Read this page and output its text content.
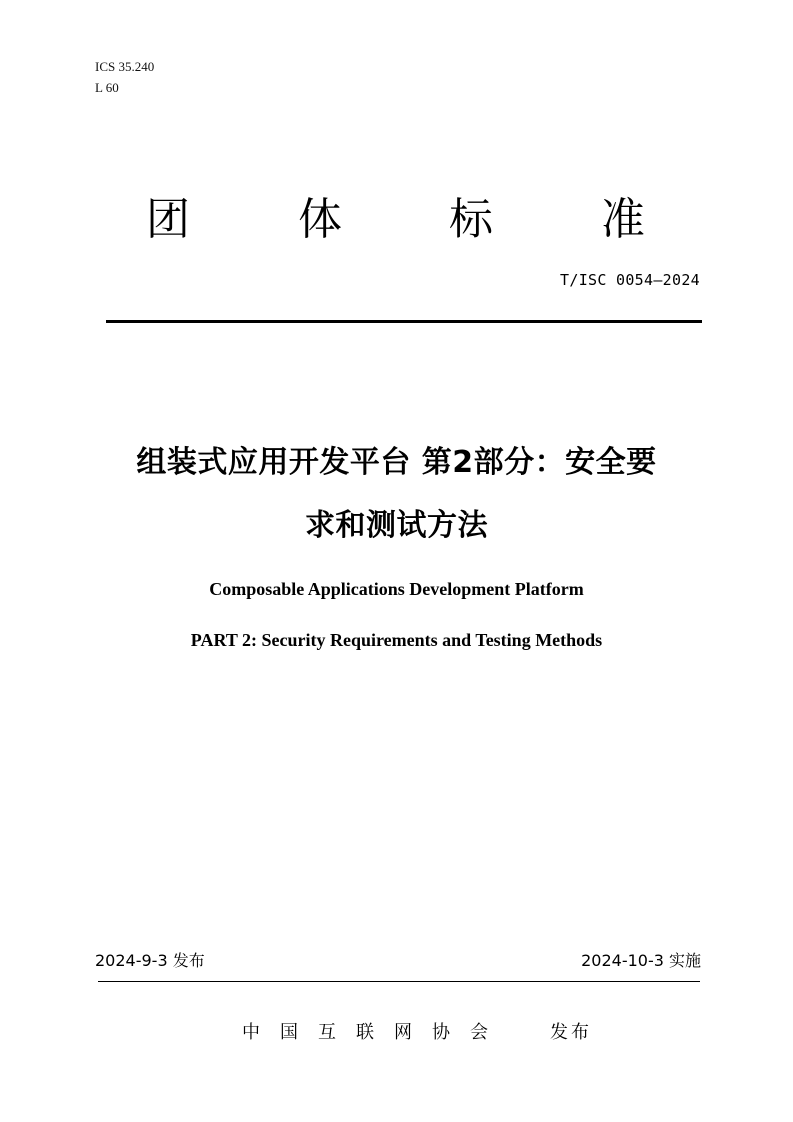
ICS 35.240
L 60
团 体 标 准
T/ISC 0054—2024
组装式应用开发平台 第2部分：安全要
求和测试方法
Composable Applications Development Platform
PART 2: Security Requirements and Testing Methods
2024-9-3 发布	2024-10-3 实施
中国互联网协会 发布
